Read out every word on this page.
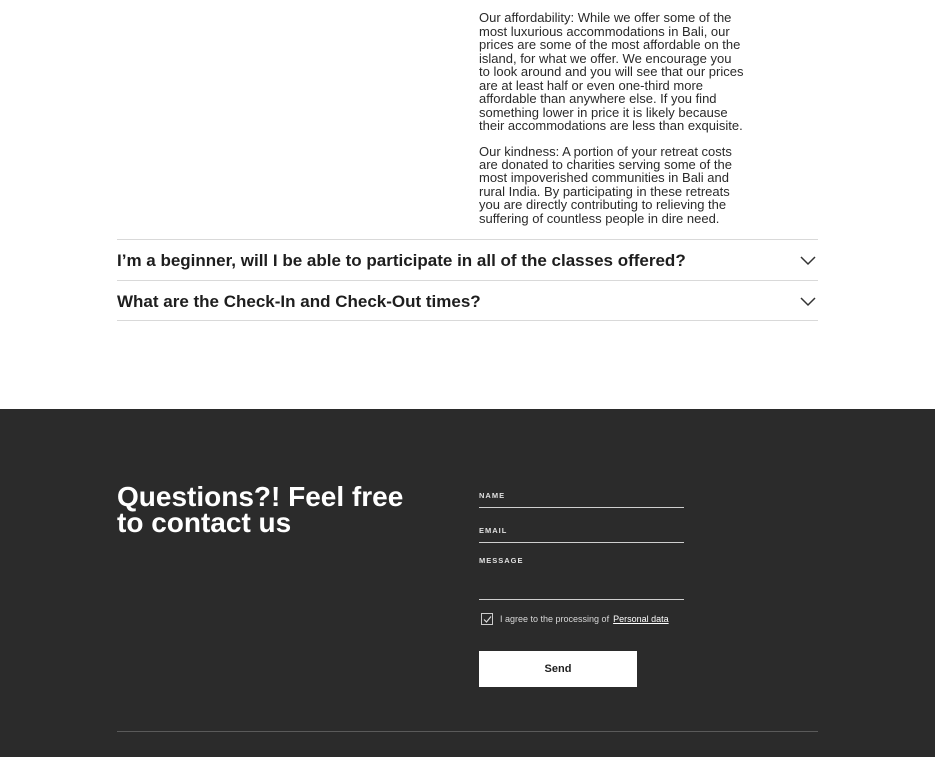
Our affordability: While we offer some of the most luxurious accommodations in Bali, our prices are some of the most affordable on the island, for what we offer. We encourage you to look around and you will see that our prices are at least half or even one-third more affordable than anywhere else. If you find something lower in price it is likely because their accommodations are less than exquisite.

Our kindness: A portion of your retreat costs are donated to charities serving some of the most impoverished communities in Bali and rural India. By participating in these retreats you are directly contributing to relieving the suffering of countless people in dire need.

I’m a beginner, will I be able to participate in all of the classes offered?
What are the Check-In and Check-Out times?
Questions?! Feel free to contact us
NAME
EMAIL
MESSAGE
I agree to the processing of Personal data
Send
